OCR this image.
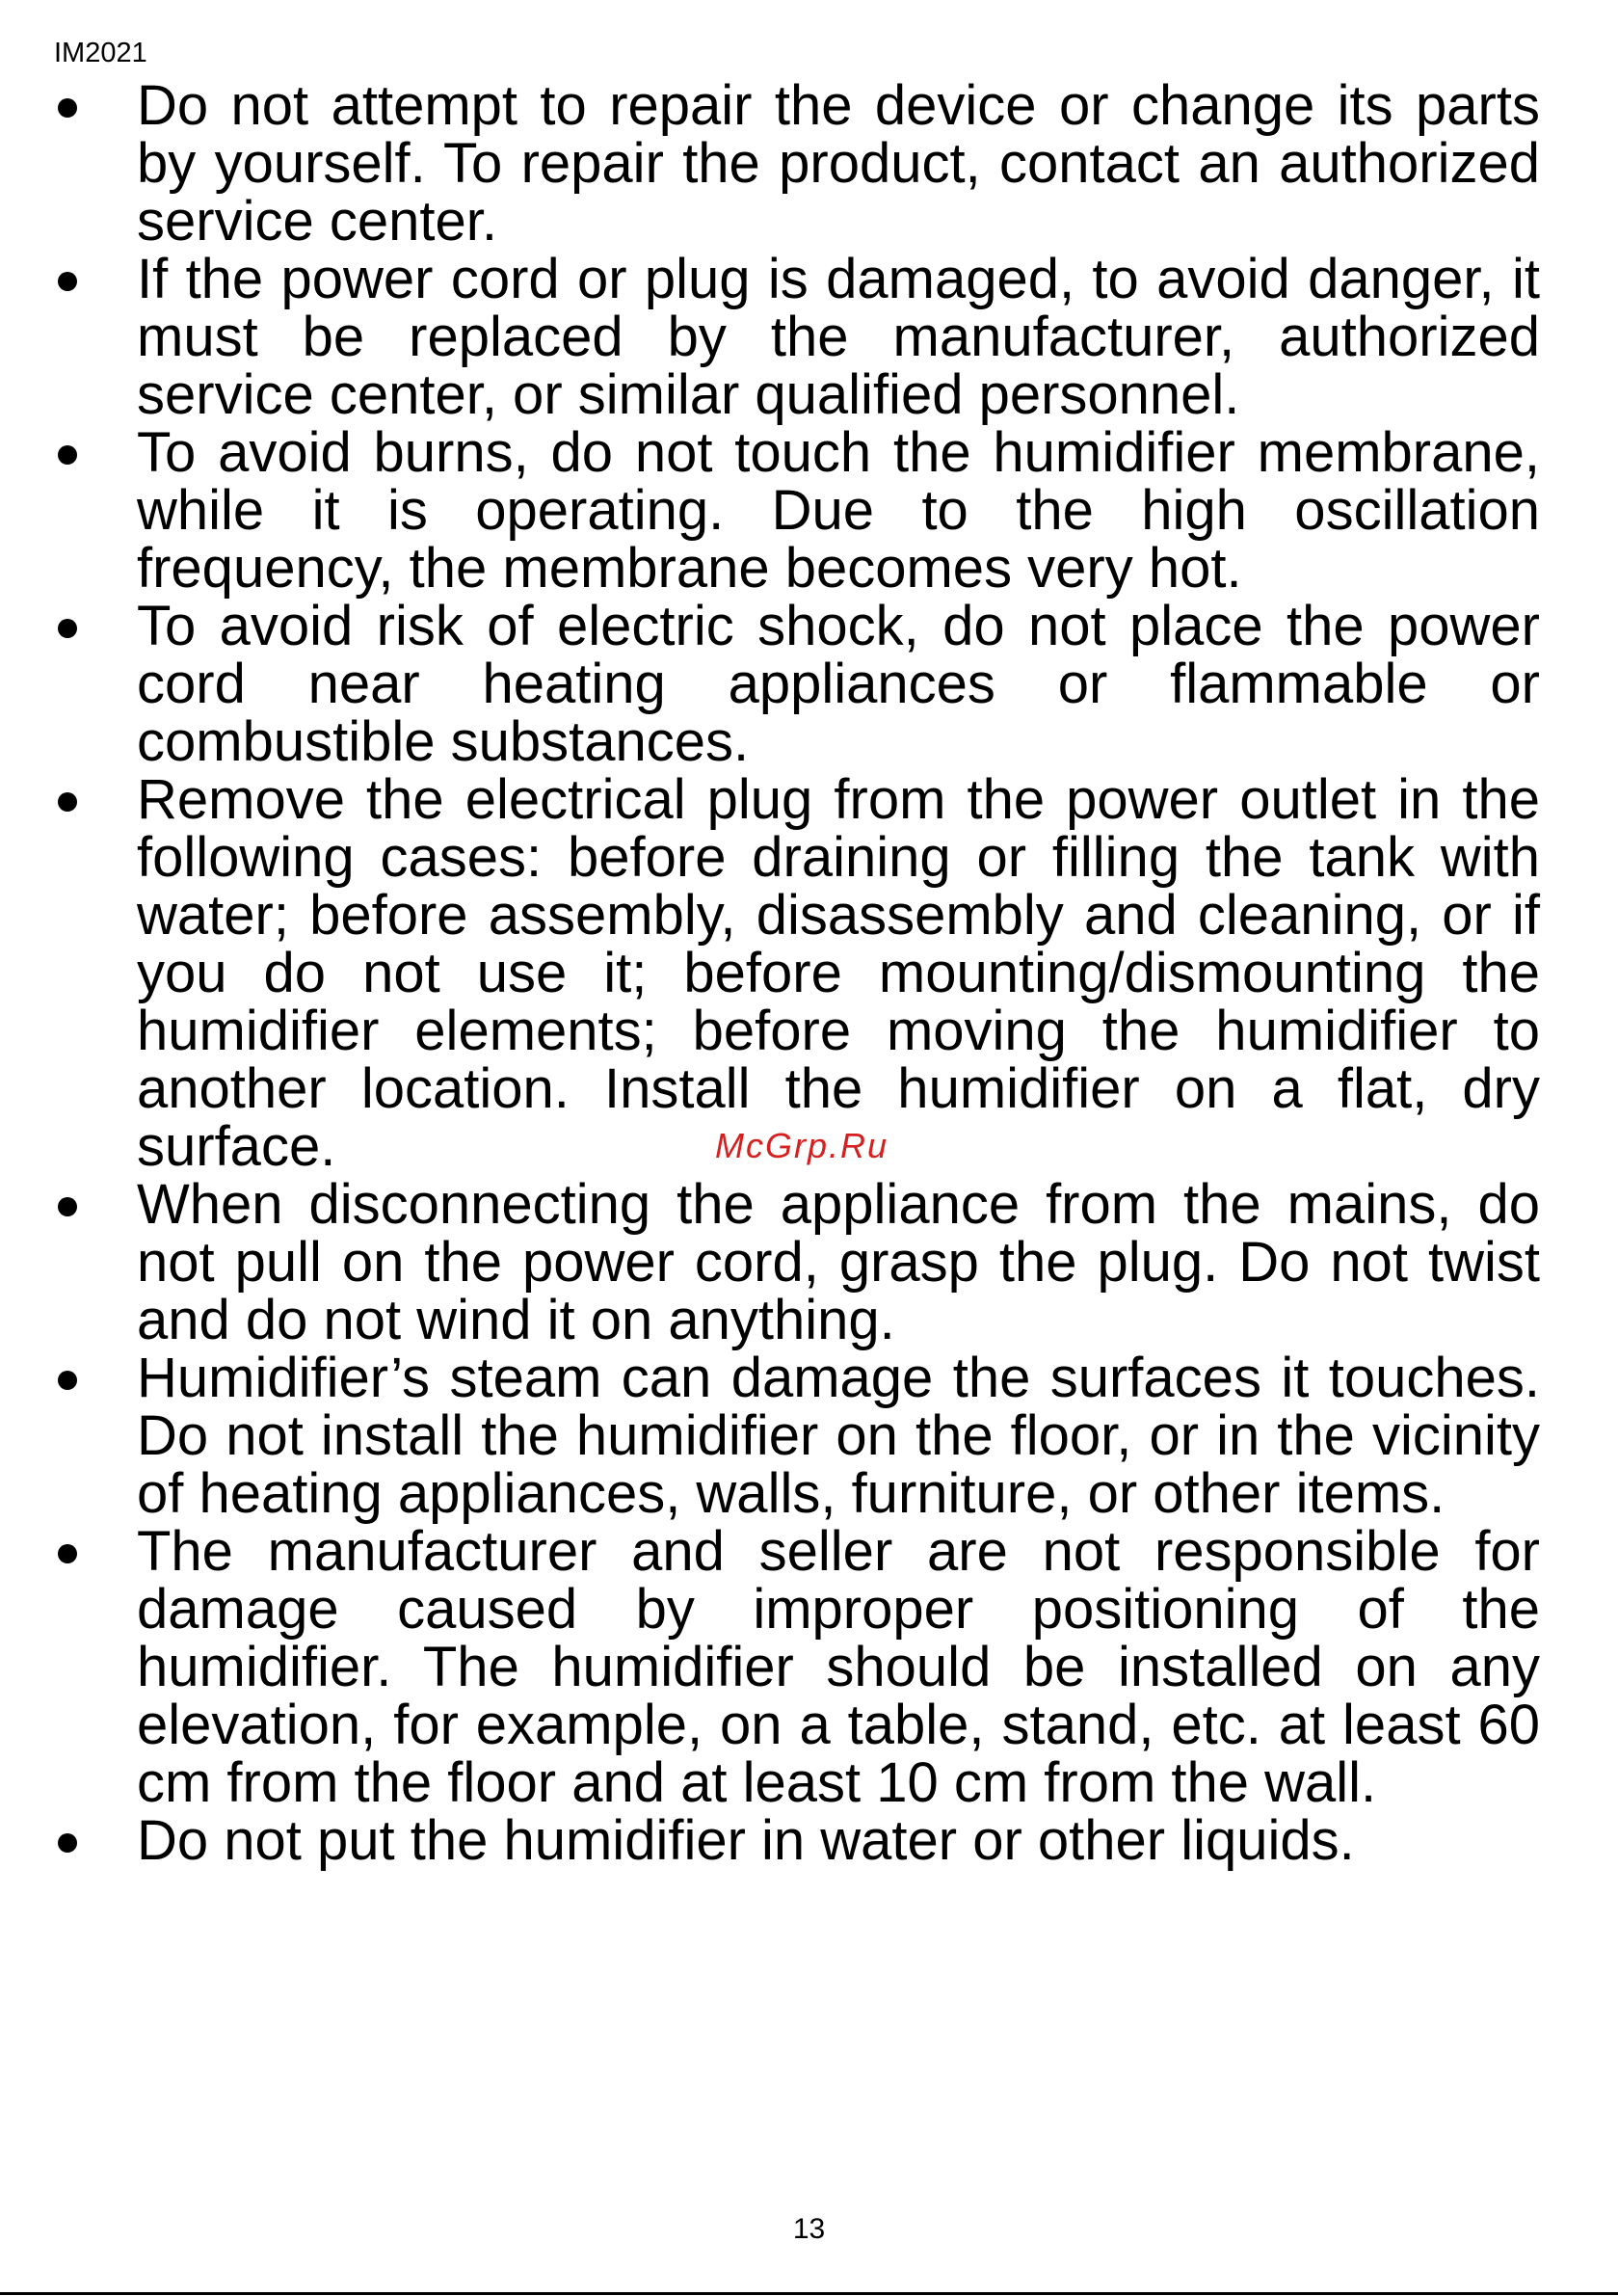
IM2021
Do not attempt to repair the device or change its parts by yourself. To repair the product, contact an authorized service center.
If the power cord or plug is damaged, to avoid danger, it must be replaced by the manufacturer, authorized service center, or similar qualified personnel.
To avoid burns, do not touch the humidifier membrane, while it is operating. Due to the high oscillation frequency, the membrane becomes very hot.
To avoid risk of electric shock, do not place the power cord near heating appliances or flammable or combustible substances.
Remove the electrical plug from the power outlet in the following cases: before draining or filling the tank with water; before assembly, disassembly and cleaning, or if you do not use it; before mounting/dismounting the humidifier elements; before moving the humidifier to another location. Install the humidifier on a flat, dry surface.
When disconnecting the appliance from the mains, do not pull on the power cord, grasp the plug. Do not twist and do not wind it on anything.
Humidifier’s steam can damage the surfaces it touches. Do not install the humidifier on the floor, or in the vicinity of heating appliances, walls, furniture, or other items.
The manufacturer and seller are not responsible for damage caused by improper positioning of the humidifier. The humidifier should be installed on any elevation, for example, on a table, stand, etc. at least 60 cm from the floor and at least 10 cm from the wall.
Do not put the humidifier in water or other liquids.
McGrp.Ru
13
